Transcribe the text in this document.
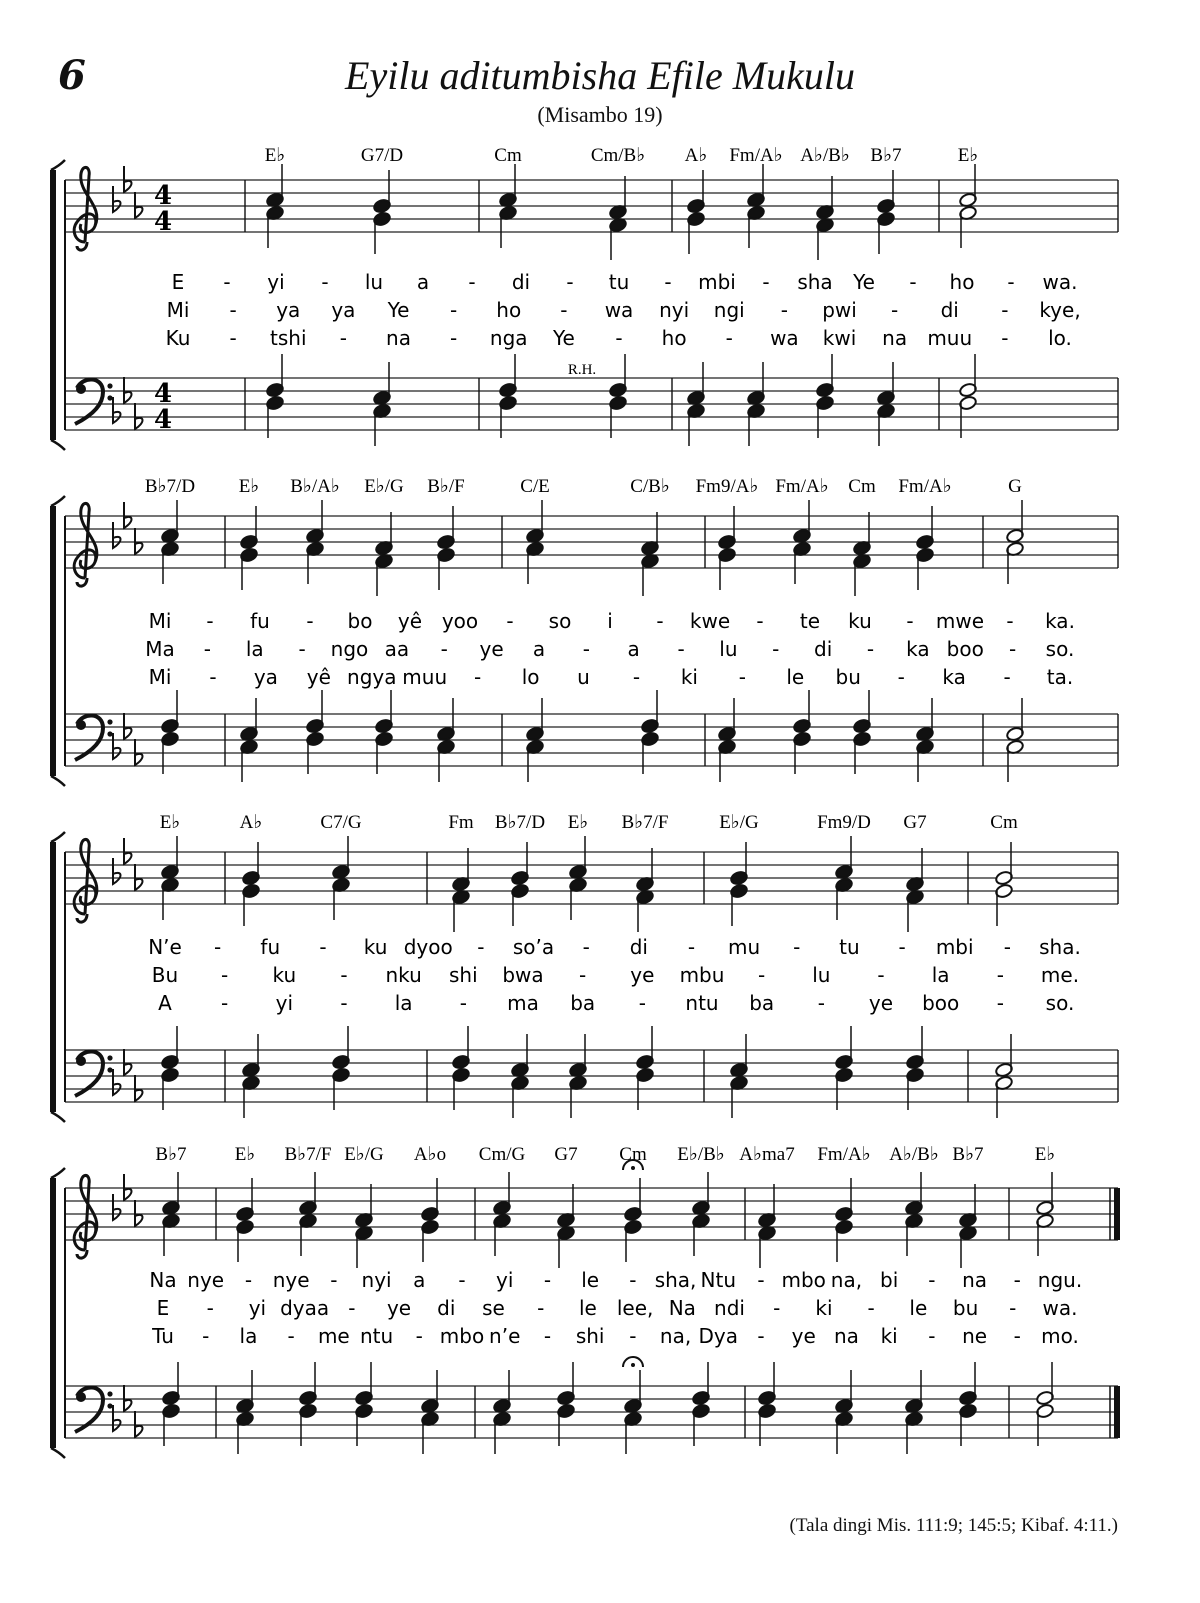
6	Eyilu aditumbisha Efile Mukulu
(Misambo 19)
4
4
4
4
E♭	G7/D	Cm	Cm/B♭ A♭ Fm/A♭ A♭/B♭ B♭7	E♭
E - yi - lu a - di - tu - mbi - sha Ye - ho - wa.
Mi - ya ya Ye - ho - wa nyi ngi - pwi - di - kye,
Ku - tshi - na - nga Ye - ho - wa kwi na muu - lo.
B♭7/D E♭ B♭/A♭ E♭/G B♭/F	C/E	C/B♭ Fm9/A♭ Fm/A♭ Cm Fm/A♭	G
Mi - fu - bo yê yoo - so i - kwe - te ku - mwe - ka.
Ma - la - ngo aa - ye a - a - lu - di - ka boo - so.
Mi - ya yê ngya muu - lo u - ki - le bu - ka - ta.
E♭	A♭	C7/G	Fm B♭7/D E♭ B♭7/F	E♭/G	Fm9/D G7	Cm
N’e - fu - ku dyoo - so’a - di - mu - tu - mbi - sha.
Bu - ku - nku shi bwa - ye mbu - lu - la - me.
A - yi - la - ma ba - ntu ba - ye boo - so.
B♭7	E♭ B♭7/F E♭/G A♭o Cm/G G7 Cm E♭/B♭ A♭ma7 Fm/A♭ A♭/B♭ B♭7	E♭
Na nye - nye - nyi a - yi - le - sha, Ntu - mbo na, bi - na - ngu.
E - yi dyaa - ye di se - le lee, Na ndi - ki - le bu - wa.
Tu - la - me ntu - mbo n’e - shi - na, Dya - ye na ki - ne - mo.
R.H.
(Tala dingi Mis. 111:9; 145:5; Kibaf. 4:11.)
